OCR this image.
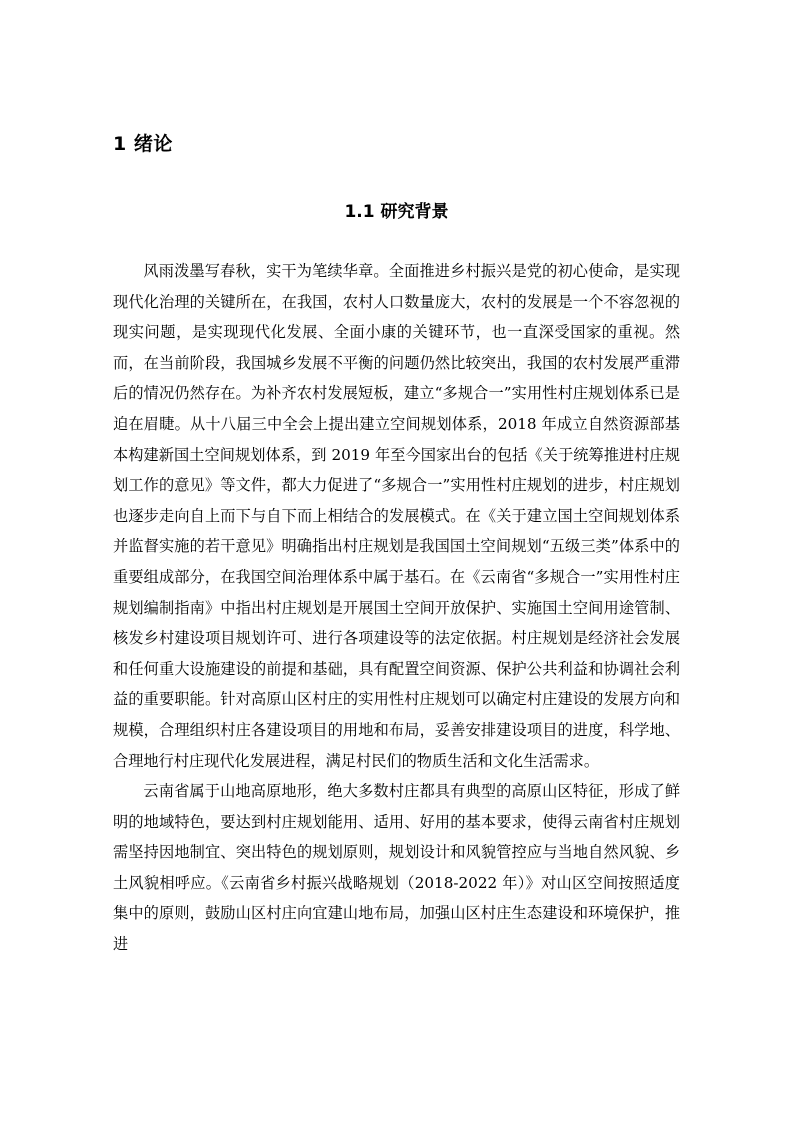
1 绪论
1.1 研究背景

风雨泼墨写春秋，实干为笔续华章。全面推进乡村振兴是党的初心使命，是实现现代化治理的关键所在，在我国，农村人口数量庞大，农村的发展是一个不容忽视的现实问题，是实现现代化发展、全面小康的关键环节，也一直深受国家的重视。然而，在当前阶段，我国城乡发展不平衡的问题仍然比较突出，我国的农村发展严重滞后的情况仍然存在。为补齐农村发展短板，建立“多规合一”实用性村庄规划体系已是迫在眉睫。从十八届三中全会上提出建立空间规划体系，2018 年成立自然资源部基本构建新国土空间规划体系，到 2019 年至今国家出台的包括《关于统筹推进村庄规划工作的意见》等文件，都大力促进了“多规合一”实用性村庄规划的进步，村庄规划也逐步走向自上而下与自下而上相结合的发展模式。在《关于建立国土空间规划体系并监督实施的若干意见》明确指出村庄规划是我国国土空间规划“五级三类”体系中的重要组成部分，在我国空间治理体系中属于基石。在《云南省“多规合一”实用性村庄规划编制指南》中指出村庄规划是开展国土空间开放保护、实施国土空间用途管制、核发乡村建设项目规划许可、进行各项建设等的法定依据。村庄规划是经济社会发展和任何重大设施建设的前提和基础，具有配置空间资源、保护公共利益和协调社会利益的重要职能。针对高原山区村庄的实用性村庄规划可以确定村庄建设的发展方向和规模，合理组织村庄各建设项目的用地和布局，妥善安排建设项目的进度，科学地、合理地行村庄现代化发展进程，满足村民们的物质生活和文化生活需求。

云南省属于山地高原地形，绝大多数村庄都具有典型的高原山区特征，形成了鲜明的地域特色，要达到村庄规划能用、适用、好用的基本要求，使得云南省村庄规划需坚持因地制宜、突出特色的规划原则，规划设计和风貌管控应与当地自然风貌、乡土风貌相呼应。《云南省乡村振兴战略规划（2018-2022 年）》对山区空间按照适度集中的原则，鼓励山区村庄向宜建山地布局，加强山区村庄生态建设和环境保护，推进
